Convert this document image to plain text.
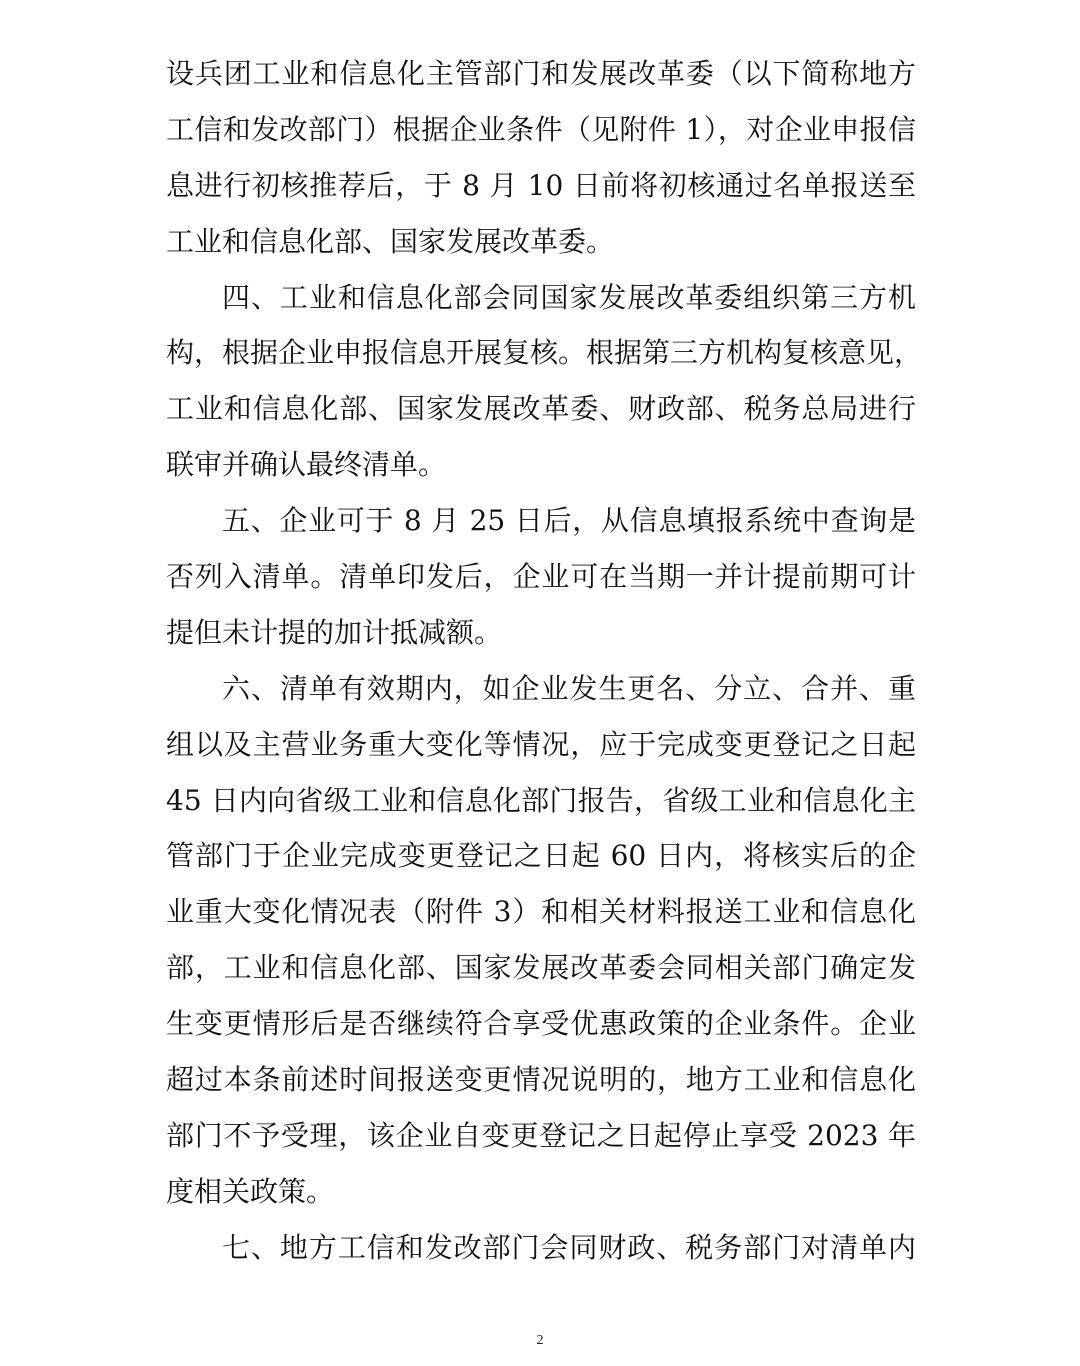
设兵团工业和信息化主管部门和发展改革委（以下简称地方
工信和发改部门）根据企业条件（见附件 1），对企业申报信
息进行初核推荐后，于 8 月 10 日前将初核通过名单报送至
工业和信息化部、国家发展改革委。
四、工业和信息化部会同国家发展改革委组织第三方机
构，根据企业申报信息开展复核。根据第三方机构复核意见，
工业和信息化部、国家发展改革委、财政部、税务总局进行
联审并确认最终清单。
五、企业可于 8 月 25 日后，从信息填报系统中查询是
否列入清单。清单印发后，企业可在当期一并计提前期可计
提但未计提的加计抵减额。
六、清单有效期内，如企业发生更名、分立、合并、重
组以及主营业务重大变化等情况，应于完成变更登记之日起
45 日内向省级工业和信息化部门报告，省级工业和信息化主
管部门于企业完成变更登记之日起 60 日内，将核实后的企
业重大变化情况表（附件 3）和相关材料报送工业和信息化
部，工业和信息化部、国家发展改革委会同相关部门确定发
生变更情形后是否继续符合享受优惠政策的企业条件。企业
超过本条前述时间报送变更情况说明的，地方工业和信息化
部门不予受理，该企业自变更登记之日起停止享受 2023 年
度相关政策。
七、地方工信和发改部门会同财政、税务部门对清单内
2
